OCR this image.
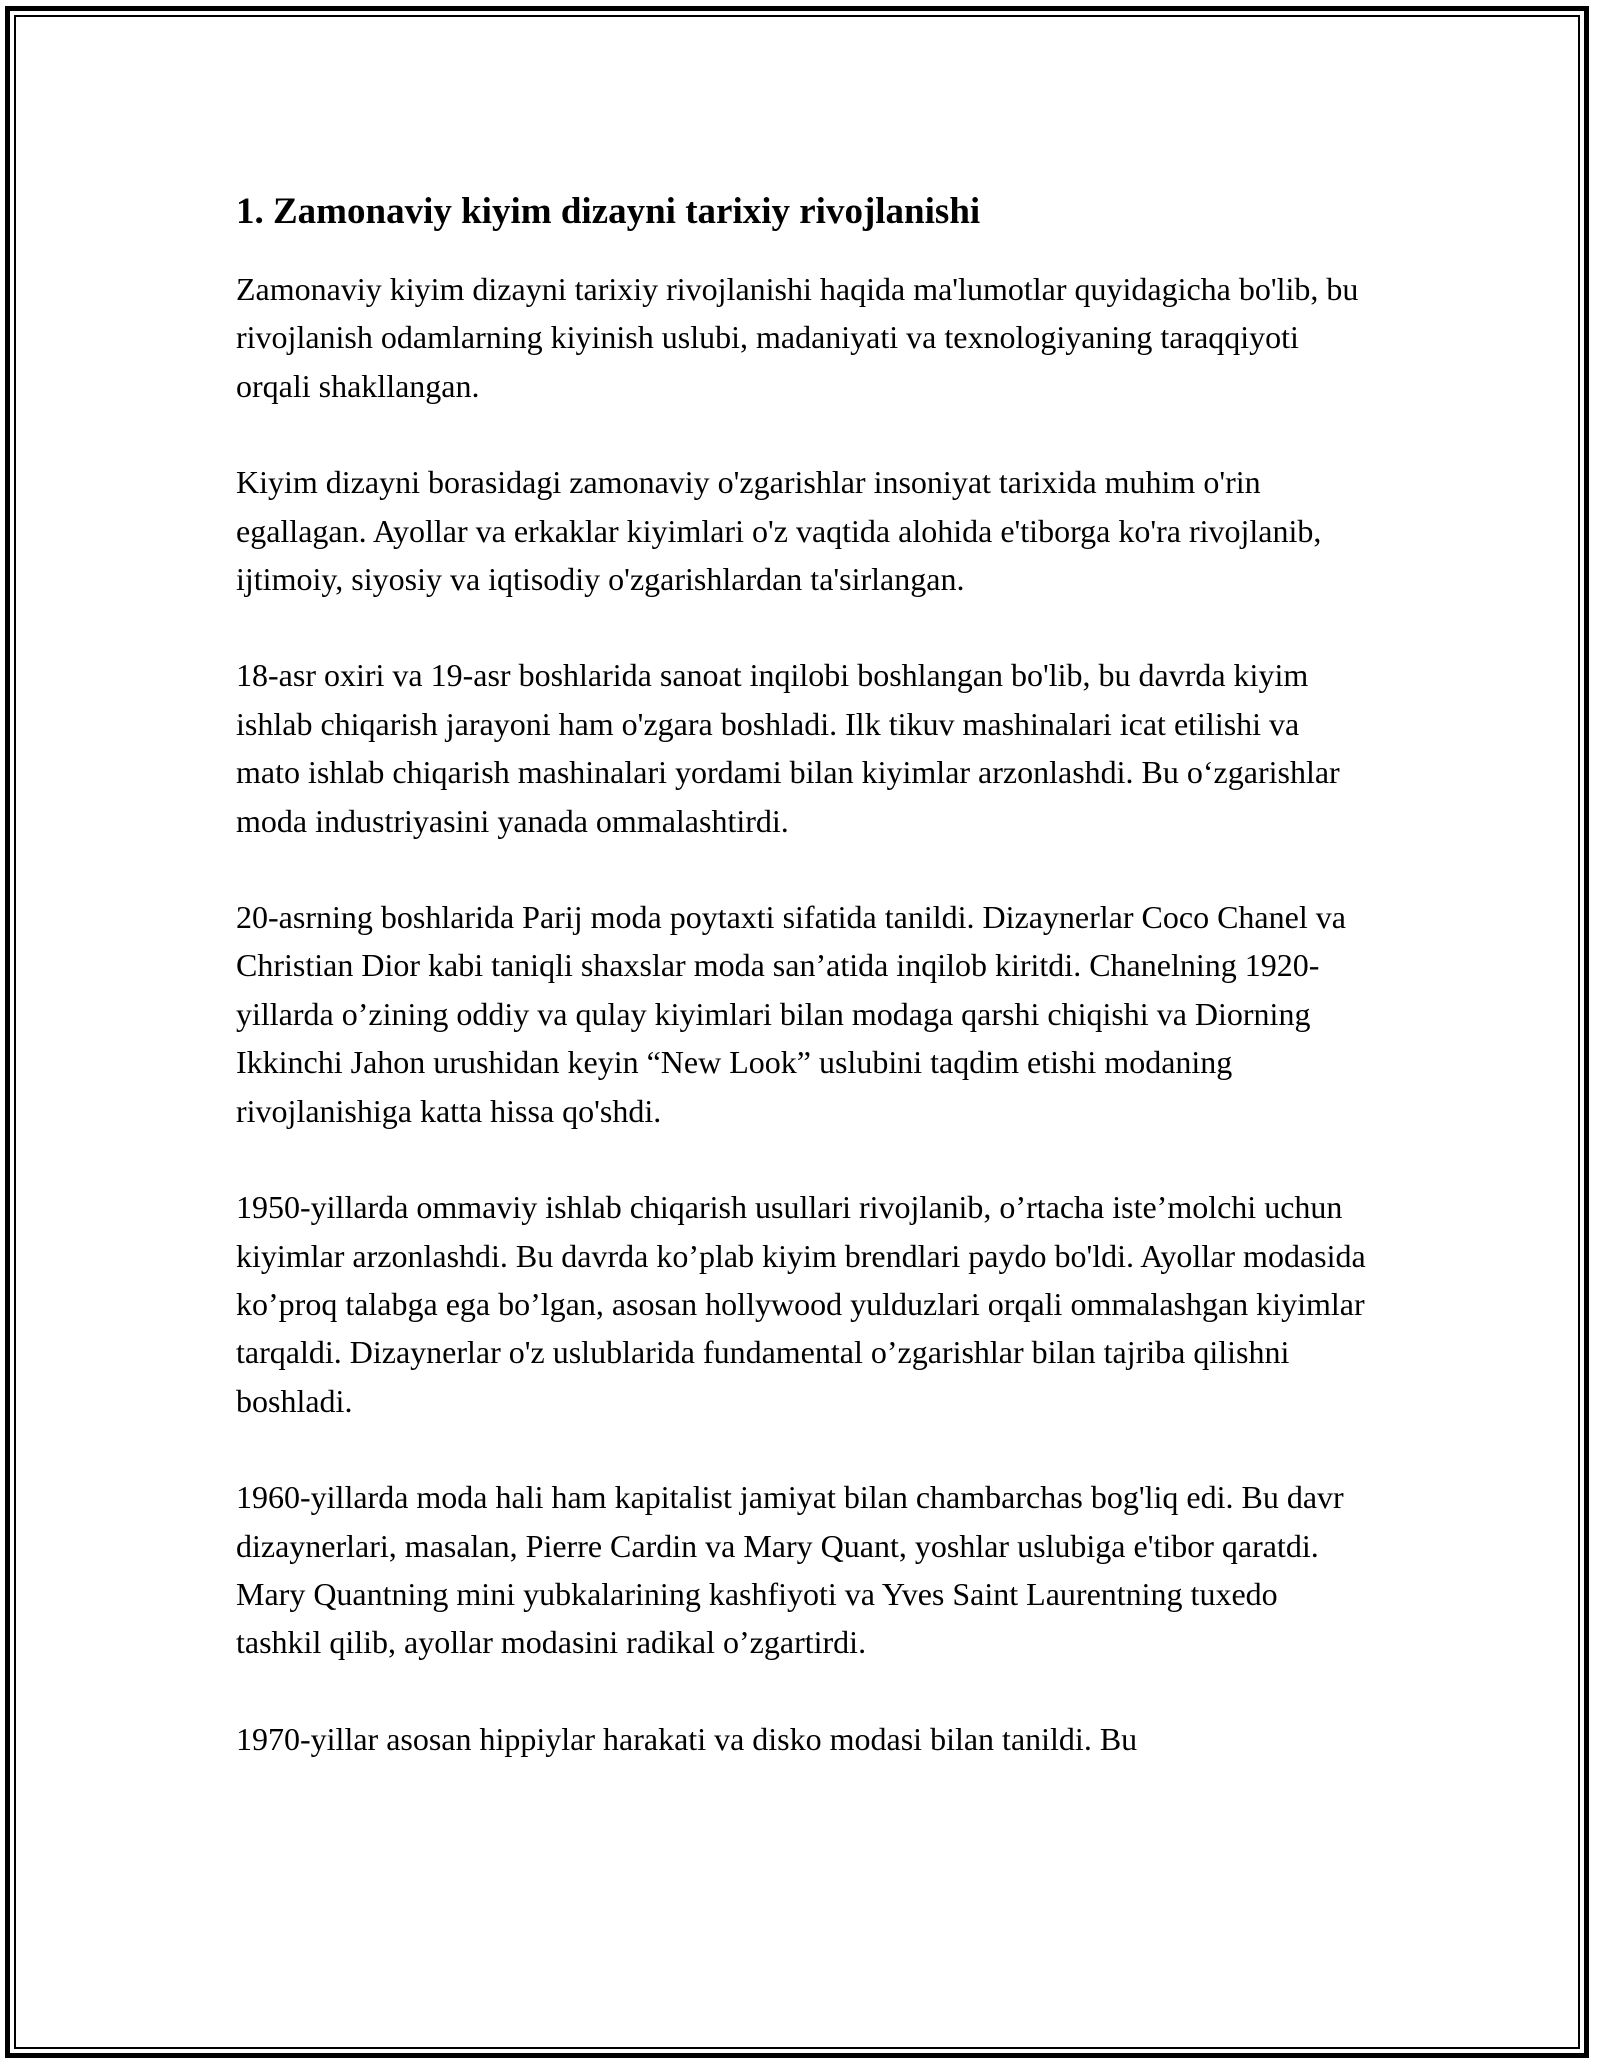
1. Zamonaviy kiyim dizayni tarixiy rivojlanishi

Zamonaviy kiyim dizayni tarixiy rivojlanishi haqida ma'lumotlar quyidagicha bo'lib, bu rivojlanish odamlarning kiyinish uslubi, madaniyati va texnologiyaning taraqqiyoti orqali shakllangan.

Kiyim dizayni borasidagi zamonaviy o'zgarishlar insoniyat tarixida muhim o'rin egallagan. Ayollar va erkaklar kiyimlari o'z vaqtida alohida e'tiborga ko'ra rivojlanib, ijtimoiy, siyosiy va iqtisodiy o'zgarishlardan ta'sirlangan.

18-asr oxiri va 19-asr boshlarida sanoat inqilobi boshlangan bo'lib, bu davrda kiyim ishlab chiqarish jarayoni ham o'zgara boshladi. Ilk tikuv mashinalari icat etilishi va mato ishlab chiqarish mashinalari yordami bilan kiyimlar arzonlashdi. Bu o‘zgarishlar moda industriyasini yanada ommalashtirdi.

20-asrning boshlarida Parij moda poytaxti sifatida tanildi. Dizaynerlar Coco Chanel va Christian Dior kabi taniqli shaxslar moda san’atida inqilob kiritdi. Chanelning 1920-yillarda o’zining oddiy va qulay kiyimlari bilan modaga qarshi chiqishi va Diorning Ikkinchi Jahon urushidan keyin “New Look” uslubini taqdim etishi modaning rivojlanishiga katta hissa qo'shdi.

1950-yillarda ommaviy ishlab chiqarish usullari rivojlanib, o’rtacha iste’molchi uchun kiyimlar arzonlashdi. Bu davrda ko’plab kiyim brendlari paydo bo'ldi. Ayollar modasida ko’proq talabga ega bo’lgan, asosan hollywood yulduzlari orqali ommalashgan kiyimlar tarqaldi. Dizaynerlar o'z uslublarida fundamental o’zgarishlar bilan tajriba qilishni boshladi.

1960-yillarda moda hali ham kapitalist jamiyat bilan chambarchas bog'liq edi. Bu davr dizaynerlari, masalan, Pierre Cardin va Mary Quant, yoshlar uslubiga e'tibor qaratdi. Mary Quantning mini yubkalarining kashfiyoti va Yves Saint Laurentning tuxedo tashkil qilib, ayollar modasini radikal o’zgartirdi.

1970-yillar asosan hippiylar harakati va disko modasi bilan tanildi. Bu
